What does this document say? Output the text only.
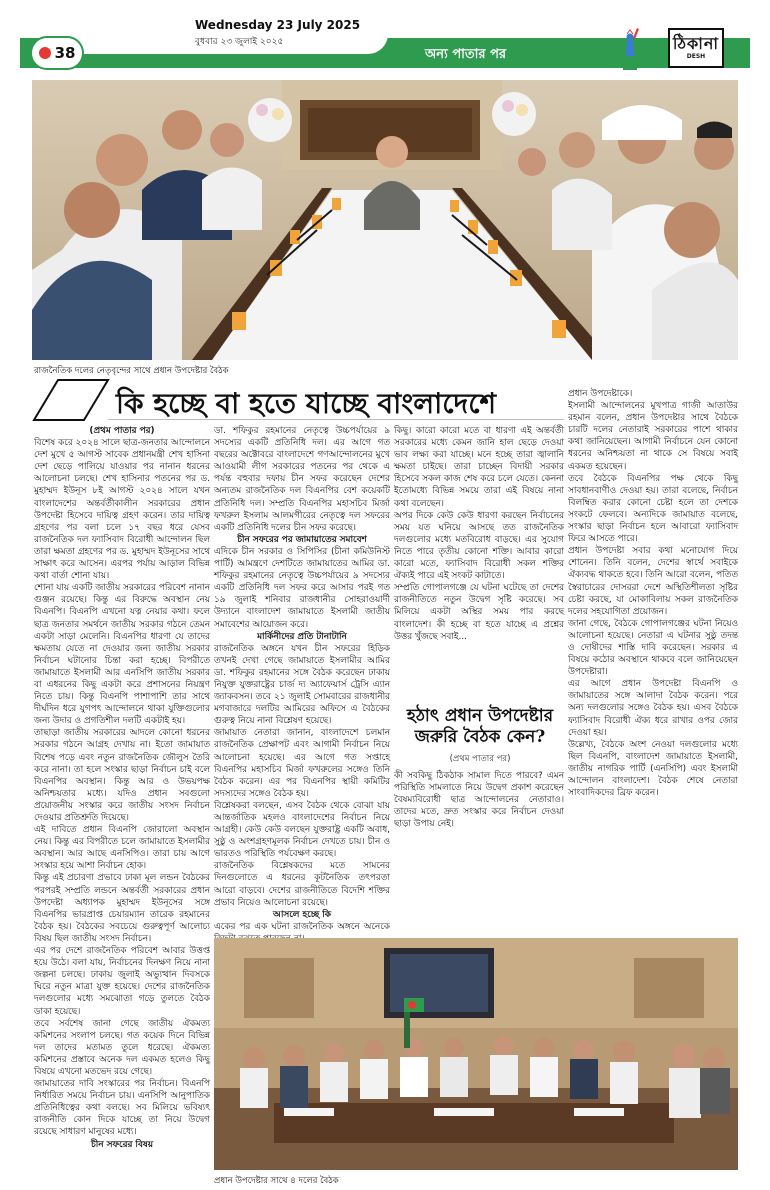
38
Wednesday 23 July 2025
বুধবার ২৩ জুলাই ২০২৫
অন্য পাতার পর
ঠিকানা
DESH
রাজনৈতিক দলের নেতৃবৃন্দের সাথে প্রধান উপদেষ্টার বৈঠক
কি হচ্ছে বা হতে যাচ্ছে বাংলাদেশে

(প্রথম পাতার পর)

বিশেষ করে ২০২৪ সালে ছাত্র-জনতার আন্দোলনে দেশ মুখে ৫ আগস্ট সাবেক প্রধানমন্ত্রী শেখ হাসিনা দেশ ছেড়ে পালিয়ে যাওয়ার পর নানান ধরনের আলোচনা চলছে। শেখ হাসিনার পতনের পর ড. মুহাম্মদ ইউনূস ৮ই আগস্ট ২০২৪ সালে যখন বাংলাদেশের অন্তর্বর্তীকালীন সরকারের প্রধান উপদেষ্টা হিসেবে দায়িত্ব গ্রহণ করেন। তার দায়িত্ব গ্রহণের পর বলা চলে ১৭ বছর ধরে যেসব রাজনৈতিক দল ফ্যাসিবাদ বিরোধী আন্দোলন ছিল তারা ক্ষমতা গ্রহণের পর ড. মুহাম্মদ ইউনূসের সাথে সাক্ষাৎ করে আসেন। এরপর পর্যায় আড়াল বিভিন্ন কথা বার্তা শোনা যায়।

শোনা যায় একটি জাতীয় সরকারের পরিবেশ নানান গুঞ্জন রয়েছে। কিন্তু এর বিরুদ্ধে অবস্থান নেয় বিএনপি। বিএনপি এখনো যত্ন নেয়ার কথা। ফলে ছাত্র জনতার সমর্থনে জাতীয় সরকার গঠনে তেমন একটা সাড়া মেলেনি। বিএনপির ধারণা যে তাদের ক্ষমতায় যেতে না দেওয়ার জন্য জাতীয় সরকার নির্বাচন ঘটানোর চিন্তা করা হচ্ছে। বিপরীতে জামায়াতে ইসলামী আর এনসিপি জাতীয় সরকার বা এধরনের কিছু একটা করে প্রশাসনের নিয়ন্ত্রণ নিতে চায়। কিন্তু বিএনপি পাশাপাশি তার সাথে দীর্ঘদিন ধরে যুগপৎ আন্দোলনে থাকা যুক্তিগুলোর জন্য উদার ও প্রগতিশীল দলটি একটাই হয়।

তাছাড়া জাতীয় সরকারের আদলে কোনো ধরনের সরকার গঠনে আগ্রহ দেখায় না। ইতো জামায়াত বিশেষ পড়ে এবং নতুন রাজনৈতিক জৌলুস তৈরি করে নানা। তা হলে সংস্কার ছাড়া নির্বাচন চাই বলে বিএনপির অবস্থান। কিন্তু আর ও উভয়পক্ষ অনিশ্চয়তার মধ্যে। যদিও প্রধান সবগুলো প্রয়োজনীয় সংস্কার করে জাতীয় সংসদ নির্বাচন দেওয়ার প্রতিশ্রুতি দিয়েছে।

এই দাবিতে প্রধান বিএনপি জোরালো অবস্থান নেয়। কিন্তু এর বিপরীতে চলে জামায়াতে ইসলামীর অবস্থান। আর আছে এনসিপিও। তারা চায় আগে সংস্কার হয়ে আশা নির্বাচন হোক।

কিন্তু এই প্রচারণা প্রভাবে ঢাকা মূল লন্ডন বৈঠকের পরপরই সম্প্রতি লন্ডনে অন্তর্বর্তী সরকারের প্রধান উপদেষ্টা অধ্যাপক মুহাম্মদ ইউনূসের সঙ্গে বিএনপির ভারপ্রাপ্ত চেয়ারম্যান তারেক রহমানের বৈঠক হয়। বৈঠকের সবচেয়ে গুরুত্বপূর্ণ আলোচ্য বিষয় ছিল জাতীয় সংসদ নির্বাচন।

এর পর দেশে রাজনৈতিক পরিবেশ আবার উত্তপ্ত হয়ে উঠে। বলা যায়, নির্বাচনের দিনক্ষণ নিয়ে নানা জল্পনা চলছে। ঢাকায় জুলাই অভ্যুত্থান দিবসকে ঘিরে নতুন মাত্রা যুক্ত হয়েছে। দেশের রাজনৈতিক দলগুলোর মধ্যে সমঝোতা গড়ে তুলতে বৈঠক ডাকা হয়েছে।

তবে সর্বশেষ জানা গেছে জাতীয় ঐকমত্য কমিশনের সংলাপ চলছে। গত কয়েক দিনে বিভিন্ন দল তাদের মতামত তুলে ধরেছে। ঐকমত্য কমিশনের প্রস্তাবে অনেক দল একমত হলেও কিছু বিষয়ে এখনো মতভেদ রয়ে গেছে।

জামায়াতের দাবি সংস্কারের পর নির্বাচন। বিএনপি নির্ধারিত সময়ে নির্বাচন চায়। এনসিপি আনুপাতিক প্রতিনিধিত্বের কথা বলছে। সব মিলিয়ে ভবিষ্যৎ রাজনীতি কোন দিকে যাচ্ছে তা নিয়ে উদ্বেগ রয়েছে সাধারণ মানুষের মধ্যে।

চীন সফরের বিষয়

ডা. শফিকুর রহমানের নেতৃত্বে উচ্চপর্যায়ের ৯ সদস্যের একটি প্রতিনিধি দল। এর আগে গত বছরের অক্টোবরে বাংলাদেশে গণআন্দোলনের মুখে আওয়ামী লীগ সরকারের পতনের পর থেকে এ পর্যন্ত বহুবার দফায় চীন সফর করেছেন দেশের অন্যতম রাজনৈতিক দল বিএনপির বেশ কয়েকটি প্রতিনিধি দল। সম্প্রতি বিএনপির মহাসচিব মির্জা ফখরুল ইসলাম আলমগীরের নেতৃত্বে দল সফরের একটি প্রতিনিধি দলের চীন সফর করেছে।

চীন সফরের পর জামায়াতের সমাবেশ

এদিকে চীন সরকার ও সিপিসির (চীনা কমিউনিস্ট পার্টি) আমন্ত্রণে দেশটিতে জামায়াতের আমির ডা. শফিকুর রহমানের নেতৃত্বে উচ্চপর্যায়ের ৯ সদস্যের একটি প্রতিনিধি দল সফর করে আসার পরই গত ১৯ জুলাই শনিবার রাজধানীর সোহরাওয়ার্দী উদ্যানে বাংলাদেশ জামায়াতে ইসলামী জাতীয় সমাবেশের আয়োজন করে।

মার্কিনীদের প্রতি টানাটানি

রাজনৈতিক অঙ্গনে যখন চীন সফরের হিড়িক তখনই দেখা গেছে জামায়াতে ইসলামীর আমির ডা. শফিকুর রহমানের সঙ্গে বৈঠক করেছেন ঢাকায় নিযুক্ত যুক্তরাষ্ট্রের চার্জ দ্য অ্যাফেয়ার্স ট্রেসি এ্যান জ্যাকবসন। তবে ২১ জুলাই সোমবারের রাজধানীর মগবাজারে দলটির আমিরের অফিসে এ বৈঠকের গুরুত্ব নিয়ে নানা বিশ্লেষণ হয়েছে।

জামায়াত নেতারা জানান, বাংলাদেশে চলমান রাজনৈতিক প্রেক্ষাপট এবং আগামী নির্বাচন নিয়ে আলোচনা হয়েছে। এর আগে গত সপ্তাহে বিএনপির মহাসচিব মির্জা ফখরুলের সঙ্গেও তিনি বৈঠক করেন। এর পর বিএনপির স্থায়ী কমিটির সদস্যদের সঙ্গেও বৈঠক হয়।

বিশ্লেষকরা বলছেন, এসব বৈঠক থেকে বোঝা যায় আন্তর্জাতিক মহলও বাংলাদেশের নির্বাচন নিয়ে আগ্রহী। কেউ কেউ বলছেন যুক্তরাষ্ট্র একটি অবাধ, সুষ্ঠু ও অংশগ্রহণমূলক নির্বাচন দেখতে চায়। চীন ও ভারতও পরিস্থিতি পর্যবেক্ষণ করছে।

রাজনৈতিক বিশ্লেষকদের মতে সামনের দিনগুলোতে এ ধরনের কূটনৈতিক তৎপরতা আরো বাড়বে। দেশের রাজনীতিতে বিদেশি শক্তির প্রভাব নিয়েও আলোচনা রয়েছে।

আসলে হচ্ছে কি

একের পর এক ঘটনা রাজনৈতিক অঙ্গনে অনেকে

কিছু। কারো কারো মতে বা ধারণা এই অন্তর্বর্তী সরকারের মধ্যে কেমন জানি হাল ছেড়ে দেওয়া ভাব লক্ষ্য করা যাচ্ছে। মনে হচ্ছে তারা জ্বালানি ক্ষমতা চাইছে। তারা চাচ্ছেন বিদায়ী সরকার হিসেবে সকল কাজ শেষ করে চলে যেতে। কেননা ইতোমধ্যে বিভিন্ন সময়ে তারা এই বিষয়ে নানা কথা বলেছেন।

অপর দিকে কেউ কেউ ধারণা করছেন নির্বাচনের সময় যত ঘনিয়ে আসছে তত রাজনৈতিক দলগুলোর মধ্যে মতবিরোধ বাড়ছে। এর সুযোগ নিতে পারে তৃতীয় কোনো শক্তি। আবার কারো কারো মতে, ফ্যাসিবাদ বিরোধী সকল শক্তির ঐক্যই পারে এই সংকট কাটাতে।

সম্প্রতি গোপালগঞ্জে যে ঘটনা ঘটেছে তা দেশের রাজনীতিতে নতুন উদ্বেগ সৃষ্টি করেছে। সব মিলিয়ে একটা অস্থির সময় পার করছে বাংলাদেশ। কী হচ্ছে বা হতে যাচ্ছে এ প্রশ্নের উত্তর খুঁজছে সবাই...

হঠাৎ প্রধান উপদেষ্টার জরুরি বৈঠক কেন?
(প্রথম পাতার পর)

কী সবকিছু ঠিকঠাক সামাল দিতে পারবে? এমন পরিস্থিতি সামলাতে নিয়ে উদ্বেগ প্রকাশ করেছেন বৈষম্যবিরোধী ছাত্র আন্দোলনের নেতারাও। তাদের মতে, দ্রুত সংস্কার করে নির্বাচন দেওয়া ছাড়া উপায় নেই।

প্রধান উপদেষ্টাকে।

ইসলামী আন্দোলনের মুখপাত্র গাজী আতাউর রহমান বলেন, প্রধান উপদেষ্টার সাথে বৈঠকে চারটি দলের নেতারাই সরকারের পাশে থাকার কথা জানিয়েছেন। আগামী নির্বাচনে যেন কোনো ধরনের অনিশ্চয়তা না থাকে সে বিষয়ে সবাই একমত হয়েছেন।

তবে বৈঠকে বিএনপির পক্ষ থেকে কিছু সাবধানবাণীও দেওয়া হয়। তারা বলেছে, নির্বাচন বিলম্বিত করার কোনো চেষ্টা হলে তা দেশকে সংকটে ফেলবে। অন্যদিকে জামায়াত বলেছে, সংস্কার ছাড়া নির্বাচন হলে আবারো ফ্যাসিবাদ ফিরে আসতে পারে।

প্রধান উপদেষ্টা সবার কথা মনোযোগ দিয়ে শোনেন। তিনি বলেন, দেশের স্বার্থে সবাইকে ঐক্যবদ্ধ থাকতে হবে। তিনি আরো বলেন, পতিত স্বৈরাচারের দোসররা দেশে অস্থিতিশীলতা সৃষ্টির চেষ্টা করছে, যা মোকাবিলায় সকল রাজনৈতিক দলের সহযোগিতা প্রয়োজন।

জানা গেছে, বৈঠকে গোপালগঞ্জের ঘটনা নিয়েও আলোচনা হয়েছে। নেতারা এ ঘটনার সুষ্ঠু তদন্ত ও দোষীদের শাস্তি দাবি করেছেন। সরকার এ বিষয়ে কঠোর অবস্থানে থাকবে বলে জানিয়েছেন উপদেষ্টারা।

এর আগে প্রধান উপদেষ্টা বিএনপি ও জামায়াতের সঙ্গে আলাদা বৈঠক করেন। পরে অন্য দলগুলোর সঙ্গেও বৈঠক হয়। এসব বৈঠকে ফ্যাসিবাদ বিরোধী ঐক্য ধরে রাখার ওপর জোর দেওয়া হয়।

উল্লেখ্য, বৈঠকে অংশ নেওয়া দলগুলোর মধ্যে ছিল বিএনপি, বাংলাদেশ জামায়াতে ইসলামী, জাতীয় নাগরিক পার্টি (এনসিপি) এবং ইসলামী আন্দোলন বাংলাদেশ। বৈঠক শেষে নেতারা সাংবাদিকদের ব্রিফ করেন।

প্রধান উপদেষ্টার সাথে ৪ দলের বৈঠক
